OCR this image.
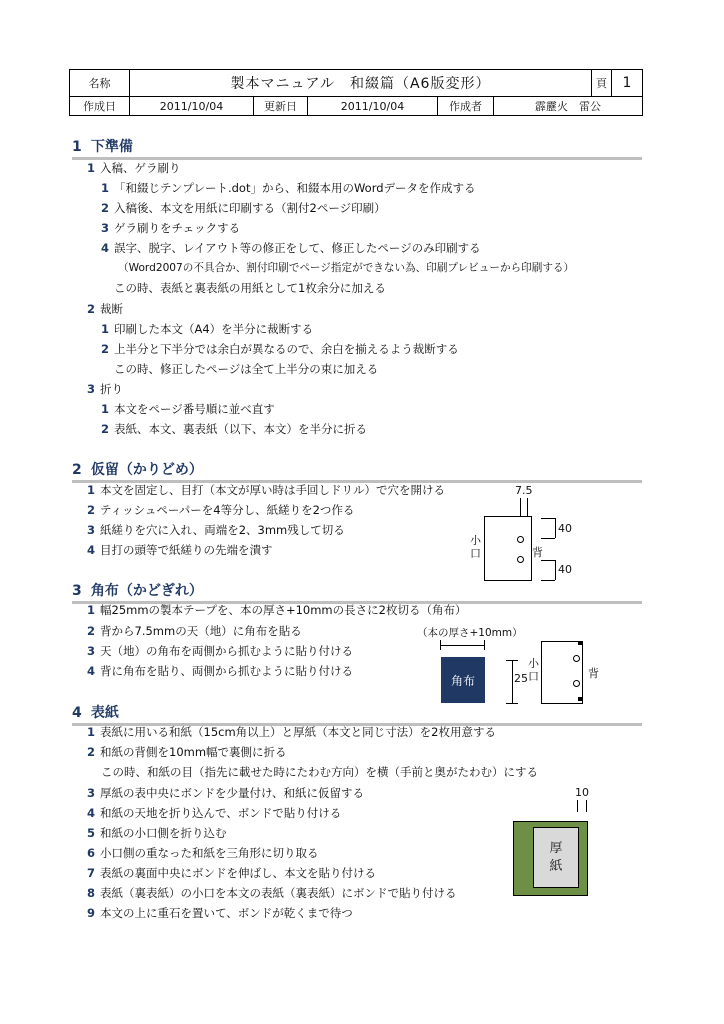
名称	製本マニュアル　和綴篇（A6版変形）					頁	1
作成日	2011/10/04	更新日	2011/10/04	作成者	霹靂火　雷公		
1 下準備
1 入稿、ゲラ刷り
1 「和綴じテンプレート.dot」から、和綴本用のWordデータを作成する
2 入稿後、本文を用紙に印刷する（割付2ページ印刷）
3 ゲラ刷りをチェックする
4 誤字、脱字、レイアウト等の修正をして、修正したページのみ印刷する
（Word2007の不具合か、割付印刷でページ指定ができない為、印刷プレビューから印刷する）
この時、表紙と裏表紙の用紙として1枚余分に加える
2 裁断
1 印刷した本文（A4）を半分に裁断する
2 上半分と下半分では余白が異なるので、余白を揃えるよう裁断する
この時、修正したページは全て上半分の束に加える
3 折り
1 本文をページ番号順に並べ直す
2 表紙、本文、裏表紙（以下、本文）を半分に折る
2 仮留（かりどめ）
1 本文を固定し、目打（本文が厚い時は手回しドリル）で穴を開ける
2 ティッシュペーパーを4等分し、紙縒りを2つ作る
3 紙縒りを穴に入れ、両端を2、3mm残して切る
4 目打の頭等で紙縒りの先端を潰す
7.5
小口	背
40
40
3 角布（かどぎれ）
1 幅25mmの製本テープを、本の厚さ+10mmの長さに2枚切る（角布）
2 背から7.5mmの天（地）に角布を貼る
3 天（地）の角布を両側から抓むように貼り付ける
4 背に角布を貼り、両側から抓むように貼り付ける
（本の厚さ+10mm）
角布	25
小口	背
4 表紙
1 表紙に用いる和紙（15cm角以上）と厚紙（本文と同じ寸法）を2枚用意する
2 和紙の背側を10mm幅で裏側に折る
この時、和紙の目（指先に載せた時にたわむ方向）を横（手前と奥がたわむ）にする
3 厚紙の表中央にボンドを少量付け、和紙に仮留する
4 和紙の天地を折り込んで、ボンドで貼り付ける
5 和紙の小口側を折り込む
6 小口側の重なった和紙を三角形に切り取る
7 表紙の裏面中央にボンドを伸ばし、本文を貼り付ける
8 表紙（裏表紙）の小口を本文の表紙（裏表紙）にボンドで貼り付ける
9 本文の上に重石を置いて、ボンドが乾くまで待つ
10
厚紙
